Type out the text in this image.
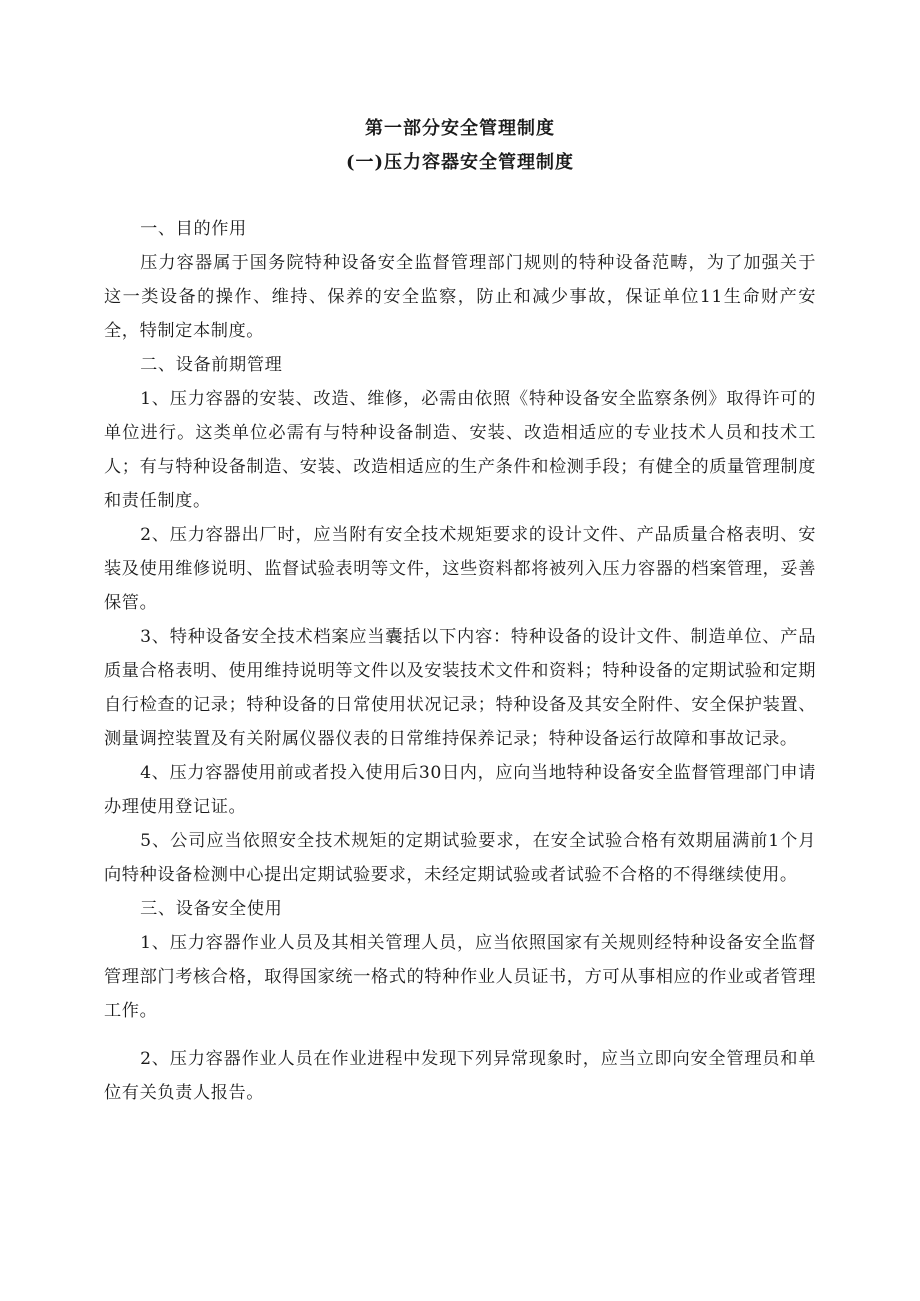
第一部分安全管理制度
(一)压力容器安全管理制度

一、目的作用

压力容器属于国务院特种设备安全监督管理部门规则的特种设备范畴，为了加强关于这一类设备的操作、维持、保养的安全监察，防止和减少事故，保证单位11生命财产安全，特制定本制度。

二、设备前期管理

1、压力容器的安装、改造、维修，必需由依照《特种设备安全监察条例》取得许可的单位进行。这类单位必需有与特种设备制造、安装、改造相适应的专业技术人员和技术工人；有与特种设备制造、安装、改造相适应的生产条件和检测手段；有健全的质量管理制度和责任制度。

2、压力容器出厂时，应当附有安全技术规矩要求的设计文件、产品质量合格表明、安装及使用维修说明、监督试验表明等文件，这些资料都将被列入压力容器的档案管理，妥善保管。

3、特种设备安全技术档案应当囊括以下内容：特种设备的设计文件、制造单位、产品质量合格表明、使用维持说明等文件以及安装技术文件和资料；特种设备的定期试验和定期自行检查的记录；特种设备的日常使用状况记录；特种设备及其安全附件、安全保护装置、测量调控装置及有关附属仪器仪表的日常维持保养记录；特种设备运行故障和事故记录。

4、压力容器使用前或者投入使用后30日内，应向当地特种设备安全监督管理部门申请办理使用登记证。

5、公司应当依照安全技术规矩的定期试验要求，在安全试验合格有效期届满前1个月向特种设备检测中心提出定期试验要求，未经定期试验或者试验不合格的不得继续使用。

三、设备安全使用

1、压力容器作业人员及其相关管理人员，应当依照国家有关规则经特种设备安全监督管理部门考核合格，取得国家统一格式的特种作业人员证书，方可从事相应的作业或者管理工作。

2、压力容器作业人员在作业进程中发现下列异常现象时，应当立即向安全管理员和单位有关负责人报告。
